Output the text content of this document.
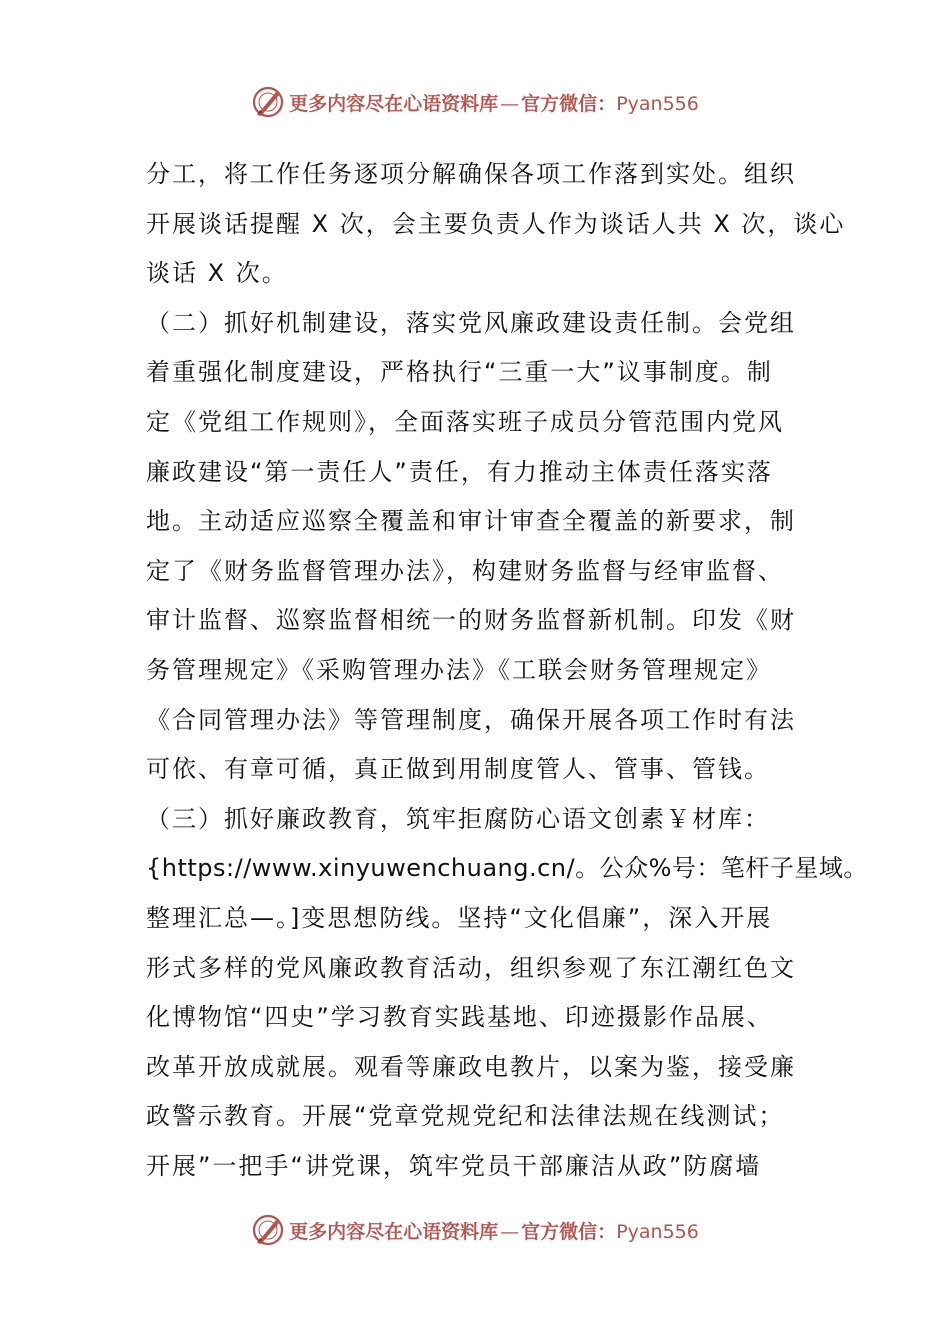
更多内容尽在心语资料库 — 官方微信：Pyan556
分工，将工作任务逐项分解确保各项工作落到实处。组织
开展谈话提醒 X 次，会主要负责人作为谈话人共 X 次，谈心
谈话 X 次。
（二）抓好机制建设，落实党风廉政建设责任制。会党组
着重强化制度建设，严格执行“三重一大”议事制度。制
定《党组工作规则》，全面落实班子成员分管范围内党风
廉政建设“第一责任人”责任，有力推动主体责任落实落
地。主动适应巡察全覆盖和审计审查全覆盖的新要求，制
定了《财务监督管理办法》，构建财务监督与经审监督、
审计监督、巡察监督相统一的财务监督新机制。印发《财
务管理规定》《采购管理办法》《工联会财务管理规定》
《合同管理办法》等管理制度，确保开展各项工作时有法
可依、有章可循，真正做到用制度管人、管事、管钱。
（三）抓好廉政教育，筑牢拒腐防心语文创素￥材库：
{https://www.xinyuwenchuang.cn/。公众%号：笔杆子星域。
整理汇总—。]变思想防线。坚持“文化倡廉”，深入开展
形式多样的党风廉政教育活动，组织参观了东江潮红色文
化博物馆“四史”学习教育实践基地、印迹摄影作品展、
改革开放成就展。观看等廉政电教片，以案为鉴，接受廉
政警示教育。开展“党章党规党纪和法律法规在线测试；
开展”一把手“讲党课，筑牢党员干部廉洁从政”防腐墙
更多内容尽在心语资料库 — 官方微信：Pyan556
